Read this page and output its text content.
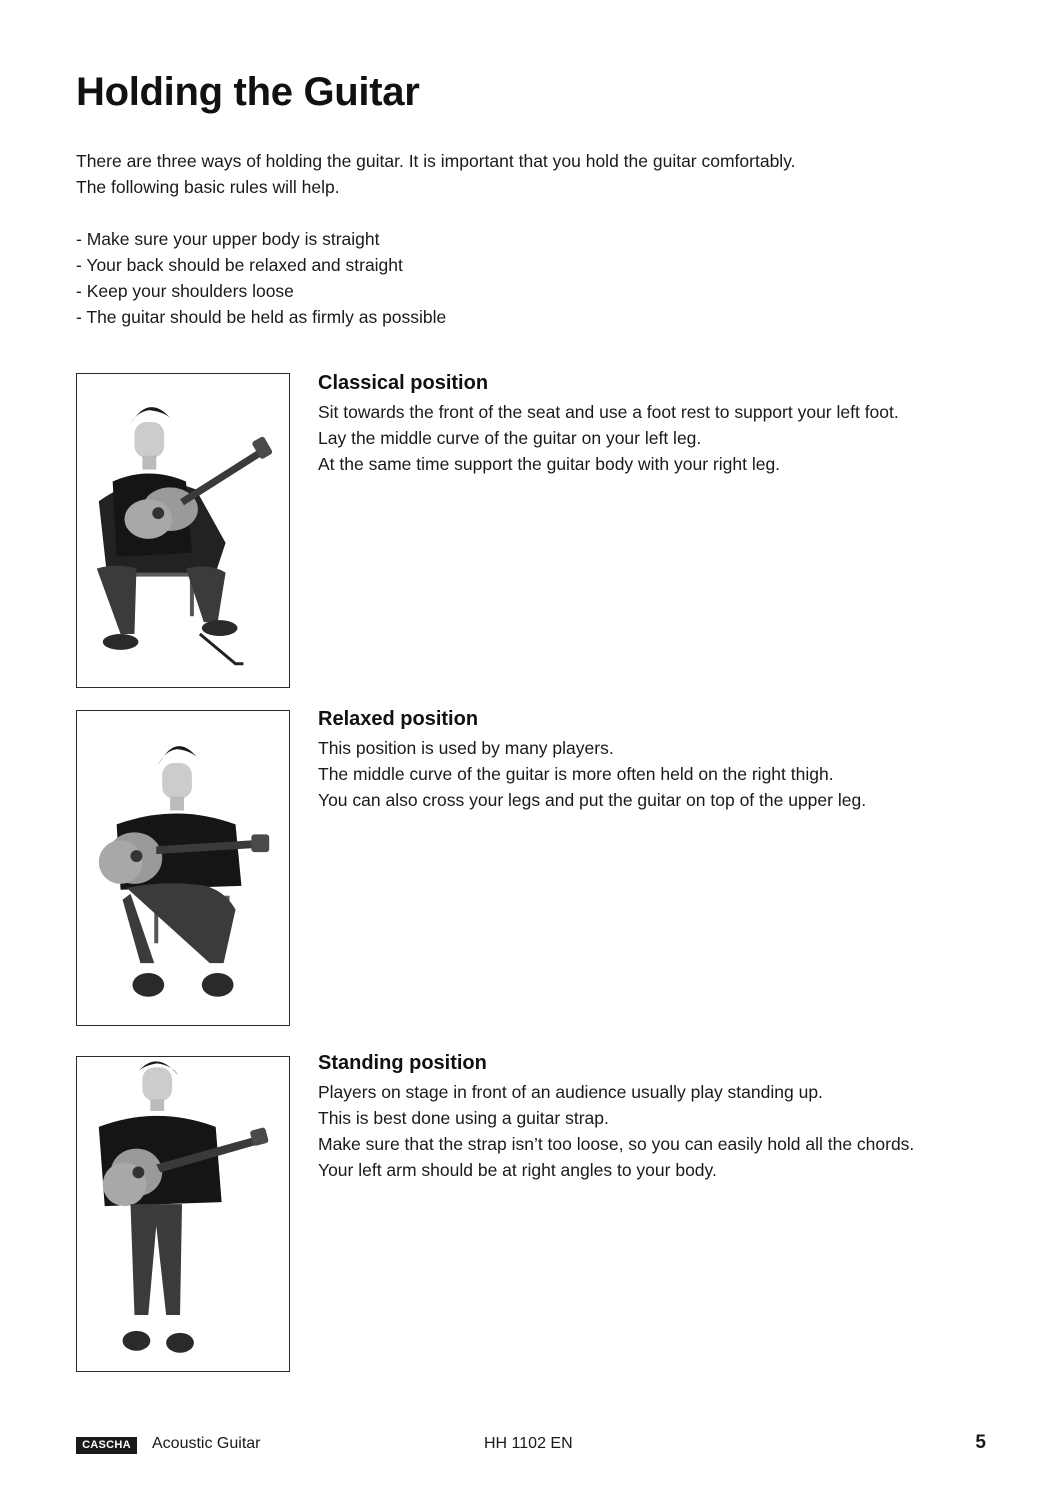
Holding the Guitar

There are three ways of holding the guitar. It is important that you hold the guitar comfortably.

The following basic rules will help.

- Make sure your upper body is straight
- Your back should be relaxed and straight
- Keep your shoulders loose
- The guitar should be held as firmly as possible
Classical position

Sit towards the front of the seat and use a foot rest to support your left foot.

Lay the middle curve of the guitar on your left leg.

At the same time support the guitar body with your right leg.

Relaxed position

This position is used by many players.

The middle curve of the guitar is more often held on the right thigh.

You can also cross your legs and put the guitar on top of the upper leg.

Standing position

Players on stage in front of an audience usually play standing up.

This is best done using a guitar strap.

Make sure that the strap isn’t too loose, so you can easily hold all the chords.

Your left arm should be at right angles to your body.

CASCHA	Acoustic Guitar	HH 1102 EN	5
